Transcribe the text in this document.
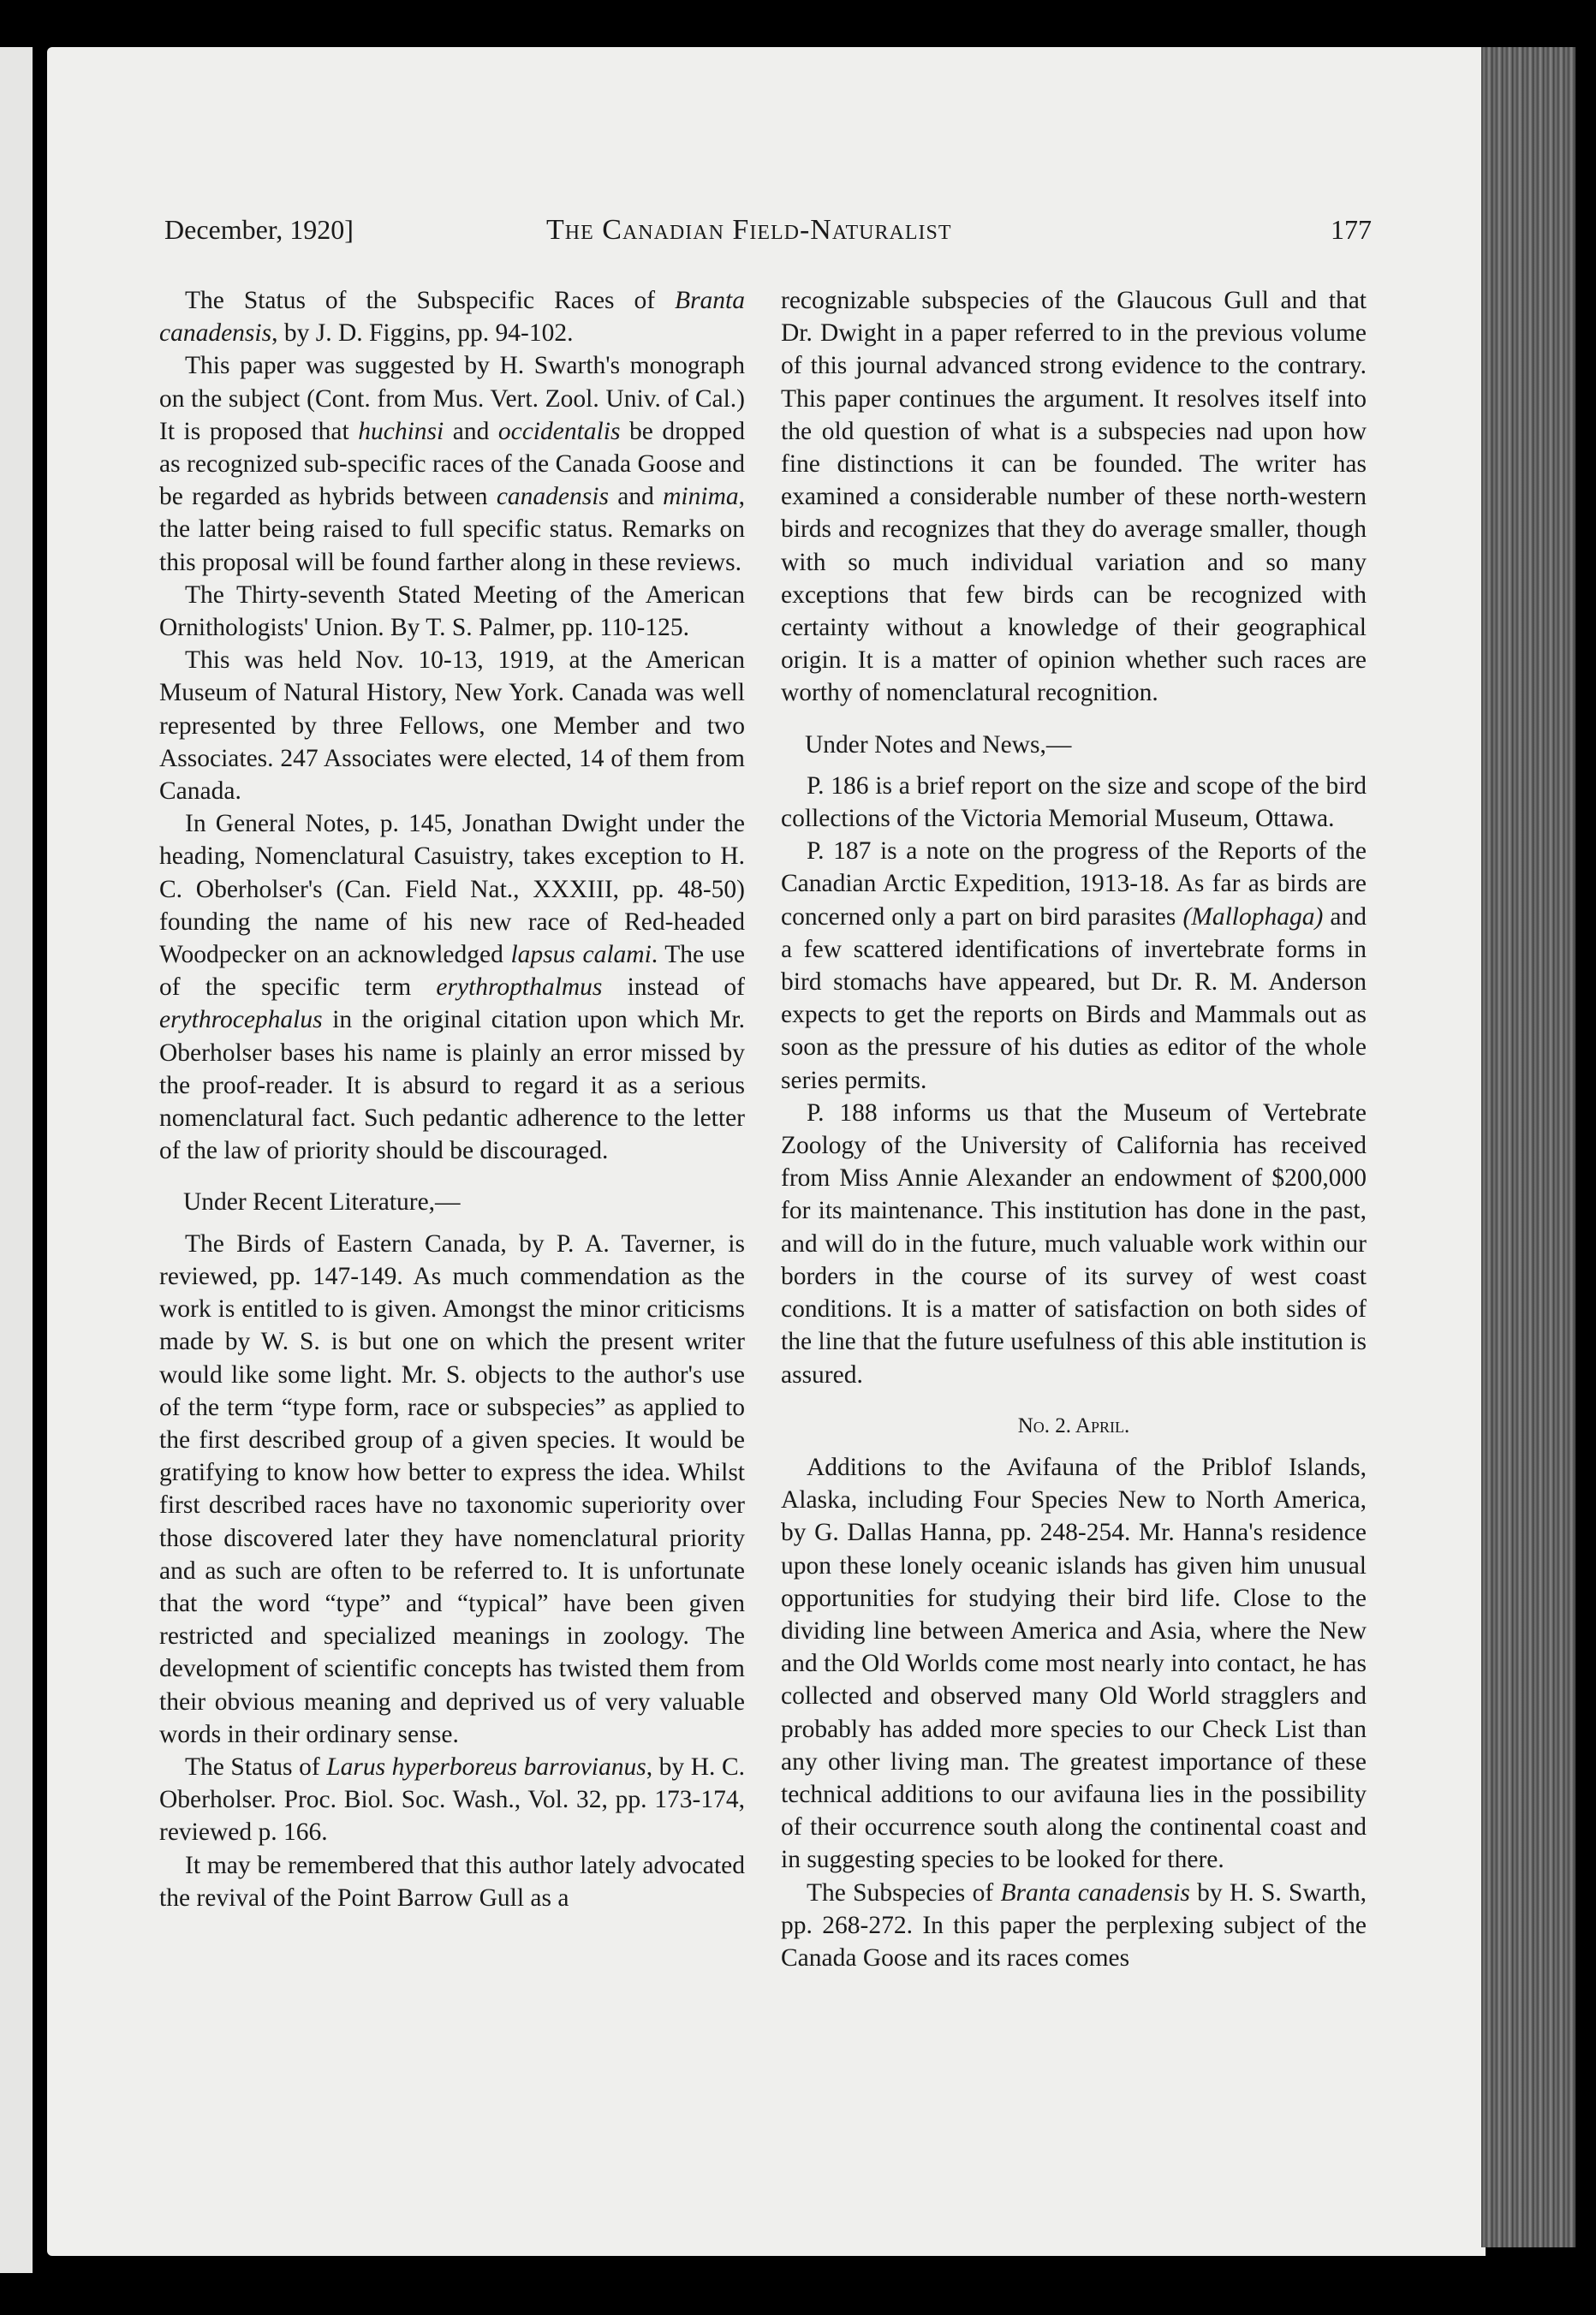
December, 1920]	The Canadian Field-Naturalist	177

The Status of the Subspecific Races of Branta canadensis, by J. D. Figgins, pp. 94-102.

This paper was suggested by H. Swarth's monograph on the subject (Cont. from Mus. Vert. Zool. Univ. of Cal.) It is proposed that huchinsi and occidentalis be dropped as recognized sub-specific races of the Canada Goose and be regarded as hybrids between canadensis and minima, the latter being raised to full specific status. Remarks on this proposal will be found farther along in these reviews.

The Thirty-seventh Stated Meeting of the American Ornithologists' Union. By T. S. Palmer, pp. 110-125.

This was held Nov. 10-13, 1919, at the American Museum of Natural History, New York. Canada was well represented by three Fellows, one Member and two Associates. 247 Associates were elected, 14 of them from Canada.

In General Notes, p. 145, Jonathan Dwight under the heading, Nomenclatural Casuistry, takes exception to H. C. Oberholser's (Can. Field Nat., XXXIII, pp. 48-50) founding the name of his new race of Red-headed Woodpecker on an acknowledged lapsus calami. The use of the specific term erythropthalmus instead of erythrocephalus in the original citation upon which Mr. Oberholser bases his name is plainly an error missed by the proof-reader. It is absurd to regard it as a serious nomenclatural fact. Such pedantic adherence to the letter of the law of priority should be discouraged.

Under Recent Literature,—

The Birds of Eastern Canada, by P. A. Taverner, is reviewed, pp. 147-149. As much commendation as the work is entitled to is given. Amongst the minor criticisms made by W. S. is but one on which the present writer would like some light. Mr. S. objects to the author's use of the term “type form, race or subspecies” as applied to the first described group of a given species. It would be gratifying to know how better to express the idea. Whilst first described races have no taxonomic superiority over those discovered later they have nomenclatural priority and as such are often to be referred to. It is unfortunate that the word “type” and “typical” have been given restricted and specialized meanings in zoology. The development of scientific concepts has twisted them from their obvious meaning and deprived us of very valuable words in their ordinary sense.

The Status of Larus hyperboreus barrovianus, by H. C. Oberholser. Proc. Biol. Soc. Wash., Vol. 32, pp. 173-174, reviewed p. 166.

It may be remembered that this author lately advocated the revival of the Point Barrow Gull as a

recognizable subspecies of the Glaucous Gull and that Dr. Dwight in a paper referred to in the previous volume of this journal advanced strong evidence to the contrary. This paper continues the argument. It resolves itself into the old question of what is a subspecies nad upon how fine distinctions it can be founded. The writer has examined a considerable number of these north-western birds and recognizes that they do average smaller, though with so much individual variation and so many exceptions that few birds can be recognized with certainty without a knowledge of their geographical origin. It is a matter of opinion whether such races are worthy of nomenclatural recognition.

Under Notes and News,—

P. 186 is a brief report on the size and scope of the bird collections of the Victoria Memorial Museum, Ottawa.

P. 187 is a note on the progress of the Reports of the Canadian Arctic Expedition, 1913-18. As far as birds are concerned only a part on bird parasites (Mallophaga) and a few scattered identifications of invertebrate forms in bird stomachs have appeared, but Dr. R. M. Anderson expects to get the reports on Birds and Mammals out as soon as the pressure of his duties as editor of the whole series permits.

P. 188 informs us that the Museum of Vertebrate Zoology of the University of California has received from Miss Annie Alexander an endowment of $200,000 for its maintenance. This institution has done in the past, and will do in the future, much valuable work within our borders in the course of its survey of west coast conditions. It is a matter of satisfaction on both sides of the line that the future usefulness of this able institution is assured.

No. 2. April.

Additions to the Avifauna of the Priblof Islands, Alaska, including Four Species New to North America, by G. Dallas Hanna, pp. 248-254. Mr. Hanna's residence upon these lonely oceanic islands has given him unusual opportunities for studying their bird life. Close to the dividing line between America and Asia, where the New and the Old Worlds come most nearly into contact, he has collected and observed many Old World stragglers and probably has added more species to our Check List than any other living man. The greatest importance of these technical additions to our avifauna lies in the possibility of their occurrence south along the continental coast and in suggesting species to be looked for there.

The Subspecies of Branta canadensis by H. S. Swarth, pp. 268-272. In this paper the perplexing subject of the Canada Goose and its races comes
